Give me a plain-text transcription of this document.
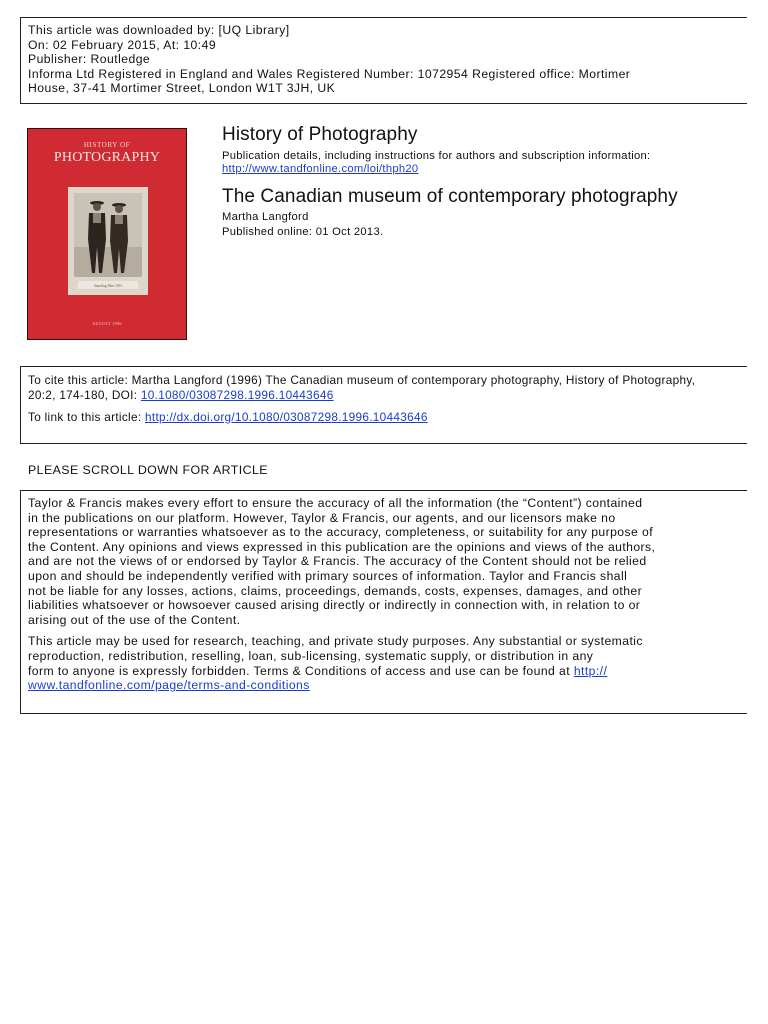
This article was downloaded by: [UQ Library]
On: 02 February 2015, At: 10:49
Publisher: Routledge
Informa Ltd Registered in England and Wales Registered Number: 1072954 Registered office: Mortimer
House, 37-41 Mortimer Street, London W1T 3JH, UK
HISTORY OF
PHOTOGRAPHY
Standing Men 1901
AUGUST 1996
History of Photography
Publication details, including instructions for authors and subscription information:
http://www.tandfonline.com/loi/thph20
The Canadian museum of contemporary photography
Martha Langford
Published online: 01 Oct 2013.
To cite this article: Martha Langford (1996) The Canadian museum of contemporary photography, History of Photography,
20:2, 174-180, DOI: 10.1080/03087298.1996.10443646
To link to this article: http://dx.doi.org/10.1080/03087298.1996.10443646
PLEASE SCROLL DOWN FOR ARTICLE
Taylor & Francis makes every effort to ensure the accuracy of all the information (the “Content”) contained
in the publications on our platform. However, Taylor & Francis, our agents, and our licensors make no
representations or warranties whatsoever as to the accuracy, completeness, or suitability for any purpose of
the Content. Any opinions and views expressed in this publication are the opinions and views of the authors,
and are not the views of or endorsed by Taylor & Francis. The accuracy of the Content should not be relied
upon and should be independently verified with primary sources of information. Taylor and Francis shall
not be liable for any losses, actions, claims, proceedings, demands, costs, expenses, damages, and other
liabilities whatsoever or howsoever caused arising directly or indirectly in connection with, in relation to or
arising out of the use of the Content.
This article may be used for research, teaching, and private study purposes. Any substantial or systematic
reproduction, redistribution, reselling, loan, sub-licensing, systematic supply, or distribution in any
form to anyone is expressly forbidden. Terms & Conditions of access and use can be found at http://
www.tandfonline.com/page/terms-and-conditions
